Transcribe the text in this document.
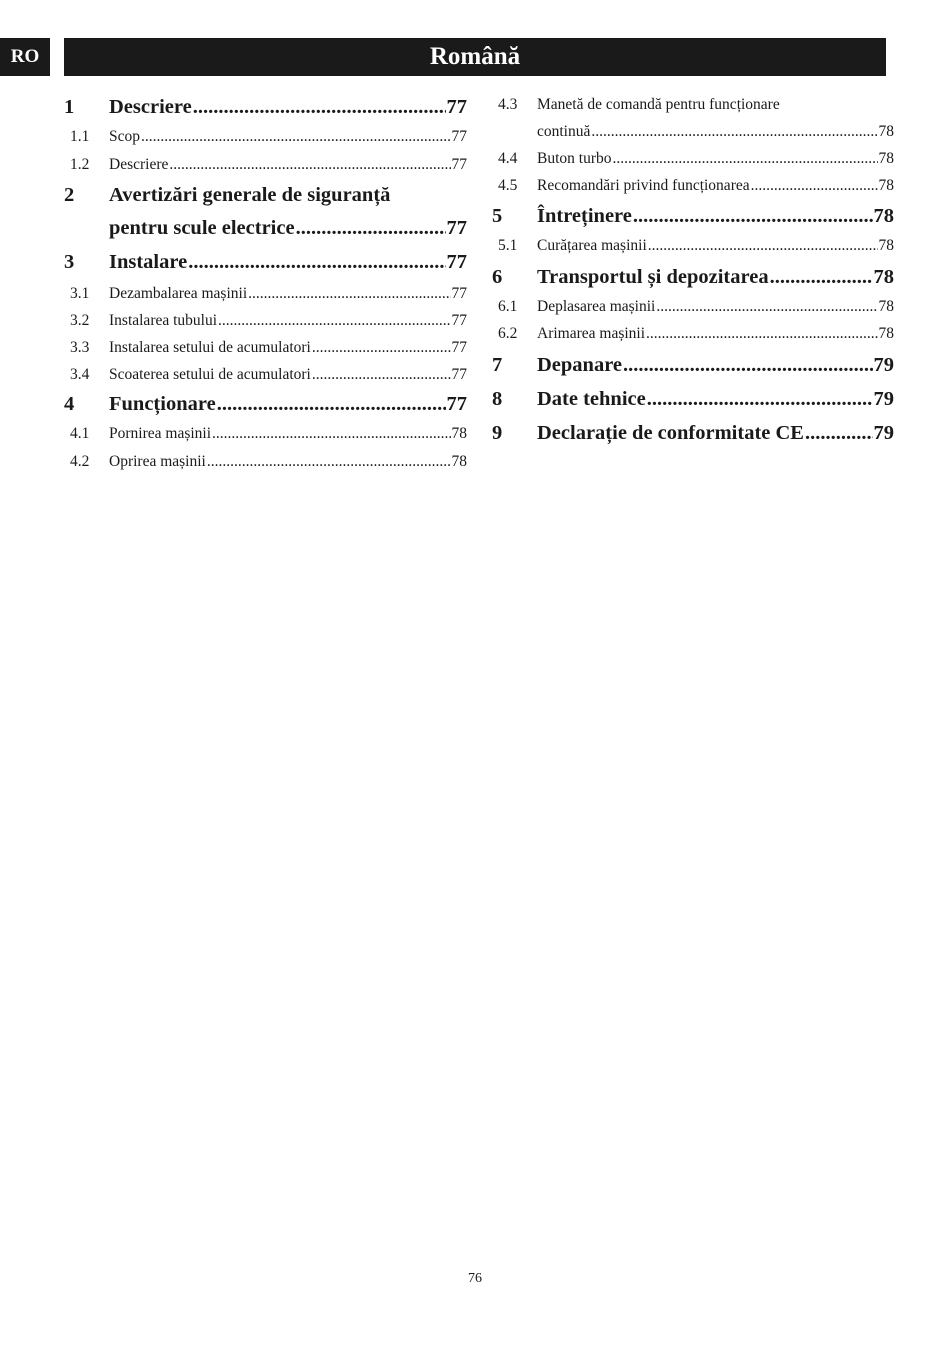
RO	Română
1	Descriere .....	77
1.1	Scop .....	77
1.2	Descriere .....	77
2	Avertizări generale de siguranță
pentru scule electrice .....	77
3	Instalare .....	77
3.1	Dezambalarea mașinii .....	77
3.2	Instalarea tubului .....	77
3.3	Instalarea setului de acumulatori .....	77
3.4	Scoaterea setului de acumulatori .....	77
4	Funcționare .....	77
4.1	Pornirea mașinii .....	78
4.2	Oprirea mașinii .....	78
4.3	Manetă de comandă pentru funcționare
continuă .....	78
4.4	Buton turbo .....	78
4.5	Recomandări privind funcționarea .....	78
5	Întreținere .....	78
5.1	Curățarea mașinii .....	78
6	Transportul și depozitarea .....	78
6.1	Deplasarea mașinii .....	78
6.2	Arimarea mașinii .....	78
7	Depanare .....	79
8	Date tehnice .....	79
9	Declarație de conformitate CE .....	79
76
